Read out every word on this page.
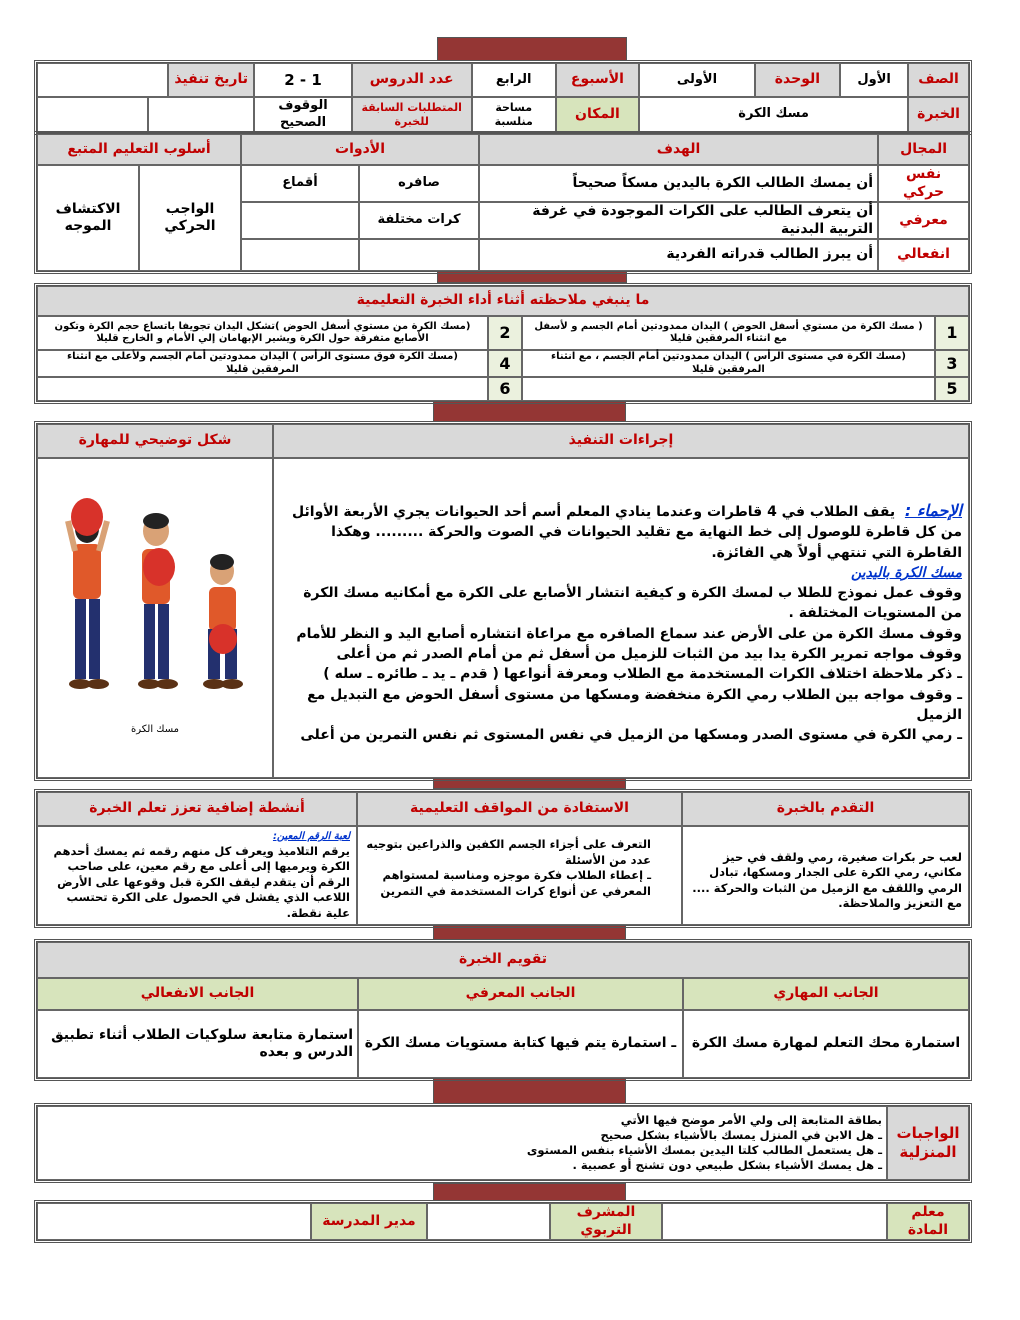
الصف	الأول	الوحدة	الأولى	الأسبوع	الرابع	عدد الدروس	1 - 2	تاريخ تنفيذ		
الخبرة	مسك الكرة			المكان	مساحة منلسبة	المتطلبات السابقة للخبرة	الوقوف الصحيح			
المجال	الهدف	الأدوات		أسلوب التعليم المتبع	
نفس حركي	أن يمسك الطالب الكرة باليدين مسكاً صحيحاً	صافره	أقماع	الواجب الحركي	الاكتشاف الموجه
معرفي	أن يتعرف الطالب على الكرات الموجودة في غرفة التربية البدنية	كرات مختلفة			
انفعالي	أن يبرز الطالب قدراته الفردية				
ما ينبغي ملاحظته أثناء أداء الخبرة التعليمية			
1	( مسك الكرة من مستوي أسفل الحوض ) اليدان ممدودتين أمام الجسم و لأسفل مع انثناء المرفقين قليلا	2	(مسك الكرة من مستوي أسفل الحوض )تشكل اليدان تجويفا باتساع حجم الكرة وتكون الأصابع متفرقة حول الكرة ويشير الإبهامان إلي الأمام و الخارج قليلا
3	(مسك الكرة في مستوى الرأس ) اليدان ممدودتين أمام الجسم ، مع انثناء المرفقين قليلا	4	(مسك الكرة فوق مستوى الرأس ) اليدان ممدودتين أمام الجسم ولأعلى مع انثناء المرفقين قليلا
5		6	
إجراءات التنفيذ	شكل توضيحي للمهارة

الإحماء :  يقف الطلاب في 4 قاطرات وعندما ينادي المعلم أسم أحد الحيوانات يجري الأربعة الأوائل من كل قاطرة للوصول إلى خط النهاية مع تقليد الحيوانات في الصوت والحركة ......... وهكذا القاطرة التي تنتهي أولاً هي الفائزة.
مسك الكرة باليدين
وقوف عمل نموذج للطلا ب لمسك الكرة و كيفية انتشار الأصابع على الكرة مع أمكانيه مسك الكرة من المستويات المختلفة .
وقوف مسك الكرة من على الأرض عند سماع الصافره مع مراعاة انتشاره أصابع اليد و النظر للأمام
وقوف مواجه تمرير الكرة يدا بيد من الثبات للزميل من أسفل ثم من أمام الصدر ثم من أعلى
ـ ذكر ملاحظة اختلاف الكرات المستخدمة مع الطلاب ومعرفة أنواعها ( قدم ـ يد ـ طائره ـ سله )
ـ وقوف مواجه بين الطلاب رمي الكرة منخفضة ومسكها من مستوى أسفل الحوض مع التبديل مع الزميل
ـ رمي الكرة في مستوى الصدر ومسكها من الزميل في نفس المستوى ثم نفس التمرين من أعلى

مسك الكرة
التقدم بالخبرة	الاستفادة من المواقف التعليمية	أنشطة إضافية تعزز تعلم الخبرة
لعب حر بكرات صغيرة، رمي ولقف في حيز مكاني، رمي الكرة على الجدار ومسكها، تبادل الرمي واللقف مع الزميل من الثبات والحركة .... مع التعزيز والملاحظة.	
التعرف على أجزاء الجسم الكفين والذراعين بتوجيه عدد من الأسئلة
ـ إعطاء الطلاب فكرة موجزه ومناسبة لمستواهم المعرفي عن أنواع كرات المستخدمة في التمرين

لعبة الرقم المعين:
يرقم التلاميذ ويعرف كل منهم رقمه ثم يمسك أحدهم الكرة ويرميها إلى أعلى مع رقم معين، على صاحب الرقم أن يتقدم ليقف الكرة قبل وقوعها على الأرض اللاعب الذي يفشل في الحصول على الكرة تحتسب علية نقطة.
تقويم الخبرة		
الجانب المهاري	الجانب المعرفي	الجانب الانفعالي
استمارة محك التعلم لمهارة مسك الكرة	ـ استمارة يتم فيها كتابة مستويات مسك الكرة	استمارة متابعة سلوكيات الطلاب أثناء تطبيق الدرس و بعده
الواجبات المنزلية	
بطاقة المتابعة إلى ولي الأمر موضح فيها الأتي
ـ هل الابن في المنزل يمسك بالأشياء بشكل صحيح
ـ هل يستعمل الطالب كلتا اليدين بمسك الأشياء بنفس المستوى
ـ هل يمسك الأشياء بشكل طبيعي دون تشنج أو عصبية .
معلم المادة		المشرف التربوي		مدير المدرسة	
